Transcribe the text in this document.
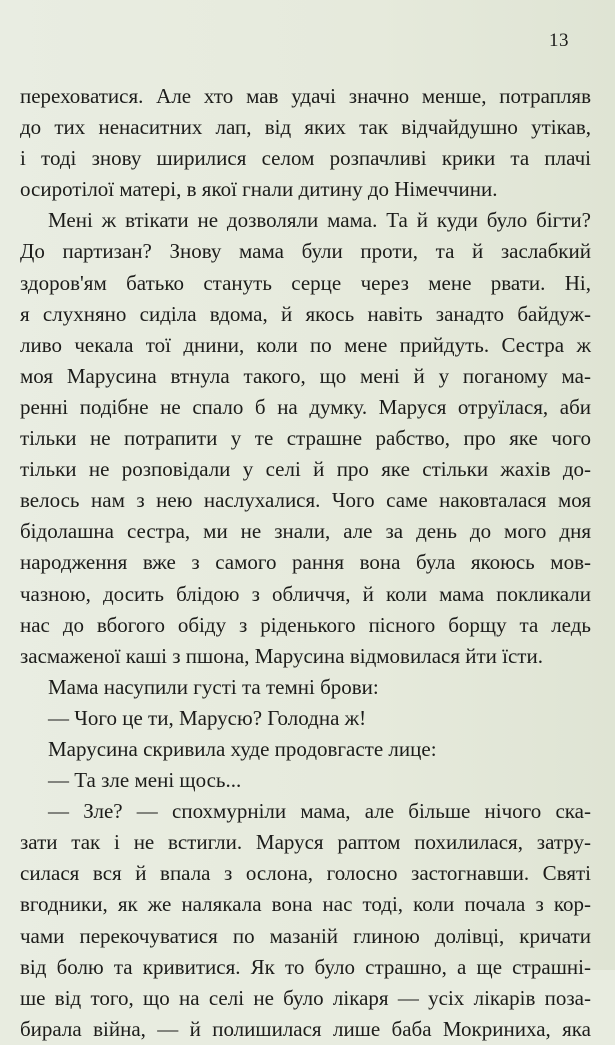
13
переховатися. Але хто мав удачі значно менше, потрапляв
до тих ненаситних лап, від яких так відчайдушно утікав,
і тоді знову ширилися селом розпачливі крики та плачі
осиротілої матері, в якої гнали дитину до Німеччини.
Мені ж втікати не дозволяли мама. Та й куди було бігти?
До партизан? Знову мама були проти, та й заслабкий
здоров'ям батько стануть серце через мене рвати. Ні,
я слухняно сиділа вдома, й якось навіть занадто байдуж-
ливо чекала тої днини, коли по мене прийдуть. Сестра ж
моя Марусина втнула такого, що мені й у поганому ма-
ренні подібне не спало б на думку. Маруся отруїлася, аби
тільки не потрапити у те страшне рабство, про яке чого
тільки не розповідали у селі й про яке стільки жахів до-
велось нам з нею наслухалися. Чого саме наковталася моя
бідолашна сестра, ми не знали, але за день до мого дня
народження вже з самого рання вона була якоюсь мов-
чазною, досить блідою з обличчя, й коли мама покликали
нас до вбогого обіду з ріденького пісного борщу та ледь
засмаженої каші з пшона, Марусина відмовилася йти їсти.
Мама насупили густі та темні брови:
— Чого це ти, Марусю? Голодна ж!
Марусина скривила худе продовгасте лице:
— Та зле мені щось...
— Зле? — спохмурніли мама, але більше нічого ска-
зати так і не встигли. Маруся раптом похилилася, затру-
силася вся й впала з ослона, голосно застогнавши. Святі
вгодники, як же налякала вона нас тоді, коли почала з кор-
чами перекочуватися по мазаній глиною долівці, кричати
від болю та кривитися. Як то було страшно, а ще страшні-
ше від того, що на селі не було лікаря — усіх лікарів поза-
бирала війна, — й полишилася лише баба Мокриниха, яка
